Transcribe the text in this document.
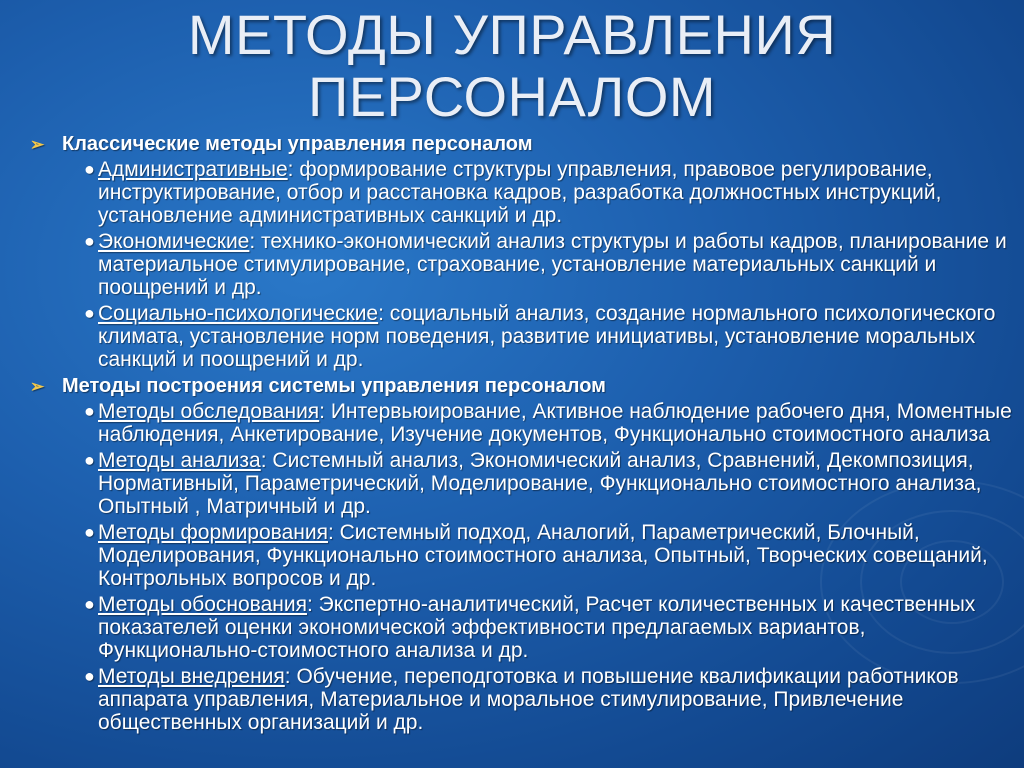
МЕТОДЫ УПРАВЛЕНИЯ
ПЕРСОНАЛОМ
➢ Классические методы управления персоналом
● Административные: формирование структуры управления, правовое регулирование, инструктирование, отбор и расстановка кадров, разработка должностных инструкций, установление административных санкций и др.
● Экономические: технико-экономический анализ структуры и работы кадров, планирование и материальное стимулирование, страхование, установление материальных санкций и поощрений и др.
● Социально-психологические: социальный анализ, создание нормального психологического климата, установление норм поведения, развитие инициативы, установление моральных санкций и поощрений и др.
➢ Методы построения системы управления персоналом
● Методы обследования: Интервьюирование, Активное наблюдение рабочего дня, Моментные наблюдения, Анкетирование, Изучение документов, Функционально стоимостного анализа
● Методы анализа: Системный анализ, Экономический анализ, Сравнений, Декомпозиция, Нормативный, Параметрический, Моделирование, Функционально стоимостного анализа, Опытный , Матричный и др.
● Методы формирования: Системный подход, Аналогий, Параметрический, Блочный, Моделирования, Функционально стоимостного анализа, Опытный, Творческих совещаний, Контрольных вопросов и др.
● Методы обоснования: Экспертно-аналитический, Расчет количественных и качественных показателей оценки экономической эффективности предлагаемых вариантов, Функционально-стоимостного анализа и др.
● Методы внедрения: Обучение, переподготовка и повышение квалификации работников аппарата управления, Материальное и моральное стимулирование, Привлечение общественных организаций и др.
